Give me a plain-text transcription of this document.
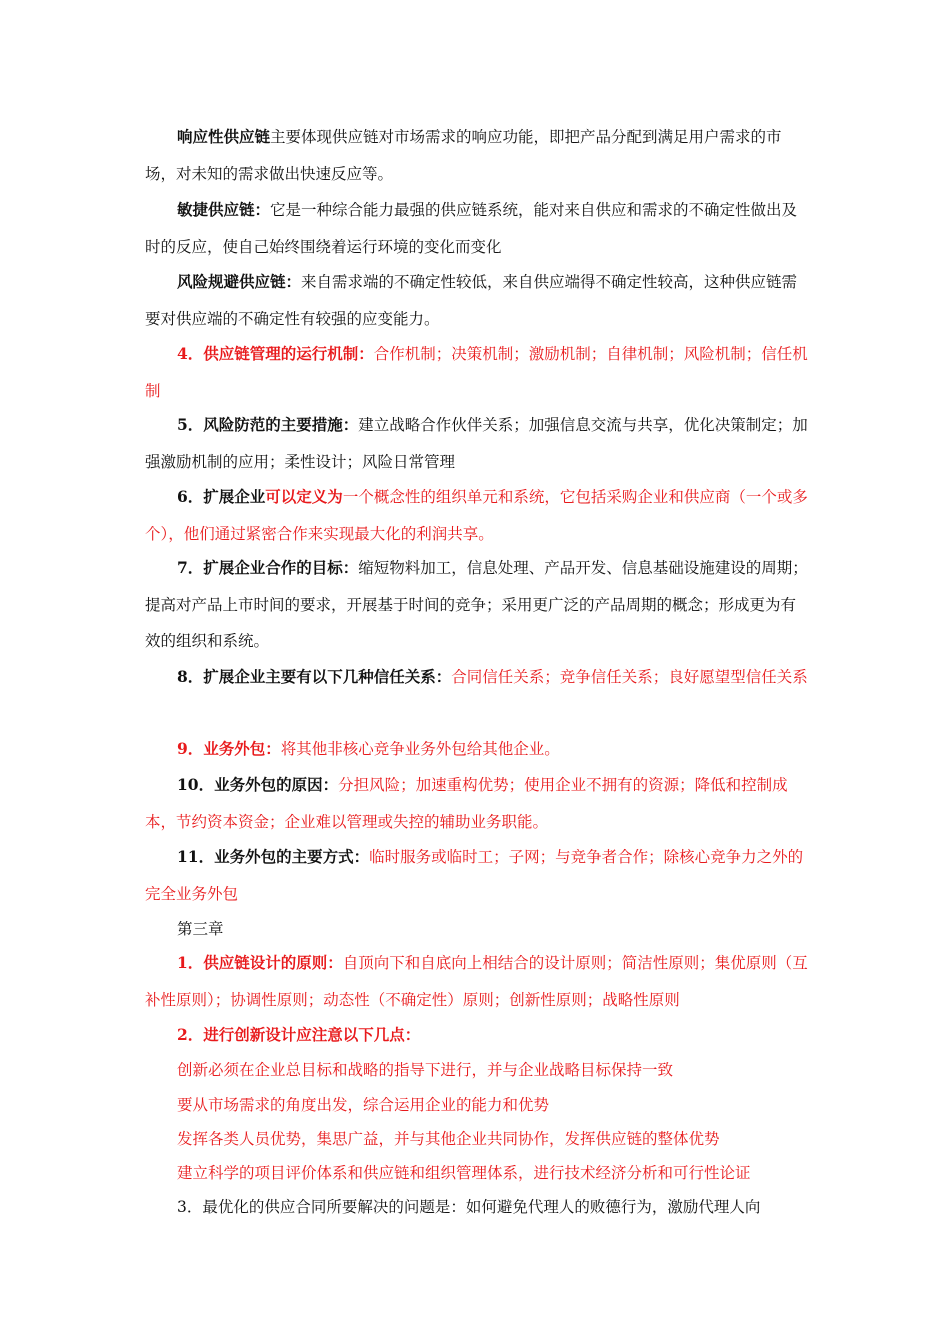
响应性供应链主要体现供应链对市场需求的响应功能，即把产品分配到满足用户需求的市场，对未知的需求做出快速反应等。

敏捷供应链：它是一种综合能力最强的供应链系统，能对来自供应和需求的不确定性做出及时的反应，使自己始终围绕着运行环境的变化而变化

风险规避供应链：来自需求端的不确定性较低，来自供应端得不确定性较高，这种供应链需要对供应端的不确定性有较强的应变能力。

4．供应链管理的运行机制：合作机制；决策机制；激励机制；自律机制；风险机制；信任机制

5．风险防范的主要措施：建立战略合作伙伴关系；加强信息交流与共享，优化决策制定；加强激励机制的应用；柔性设计；风险日常管理

6．扩展企业可以定义为一个概念性的组织单元和系统，它包括采购企业和供应商（一个或多个），他们通过紧密合作来实现最大化的利润共享。

7．扩展企业合作的目标：缩短物料加工，信息处理、产品开发、信息基础设施建设的周期；提高对产品上市时间的要求，开展基于时间的竞争；采用更广泛的产品周期的概念；形成更为有效的组织和系统。

8．扩展企业主要有以下几种信任关系：合同信任关系；竞争信任关系；良好愿望型信任关系

9．业务外包：将其他非核心竞争业务外包给其他企业。

10．业务外包的原因：分担风险；加速重构优势；使用企业不拥有的资源；降低和控制成本，节约资本资金；企业难以管理或失控的辅助业务职能。

11．业务外包的主要方式：临时服务或临时工；子网；与竞争者合作；除核心竞争力之外的完全业务外包

第三章

1．供应链设计的原则：自顶向下和自底向上相结合的设计原则；简洁性原则；集优原则（互补性原则）；协调性原则；动态性（不确定性）原则；创新性原则；战略性原则

2．进行创新设计应注意以下几点：

创新必须在企业总目标和战略的指导下进行，并与企业战略目标保持一致

要从市场需求的角度出发，综合运用企业的能力和优势

发挥各类人员优势，集思广益，并与其他企业共同协作，发挥供应链的整体优势

建立科学的项目评价体系和供应链和组织管理体系，进行技术经济分析和可行性论证

3．最优化的供应合同所要解决的问题是：如何避免代理人的败德行为，激励代理人向
